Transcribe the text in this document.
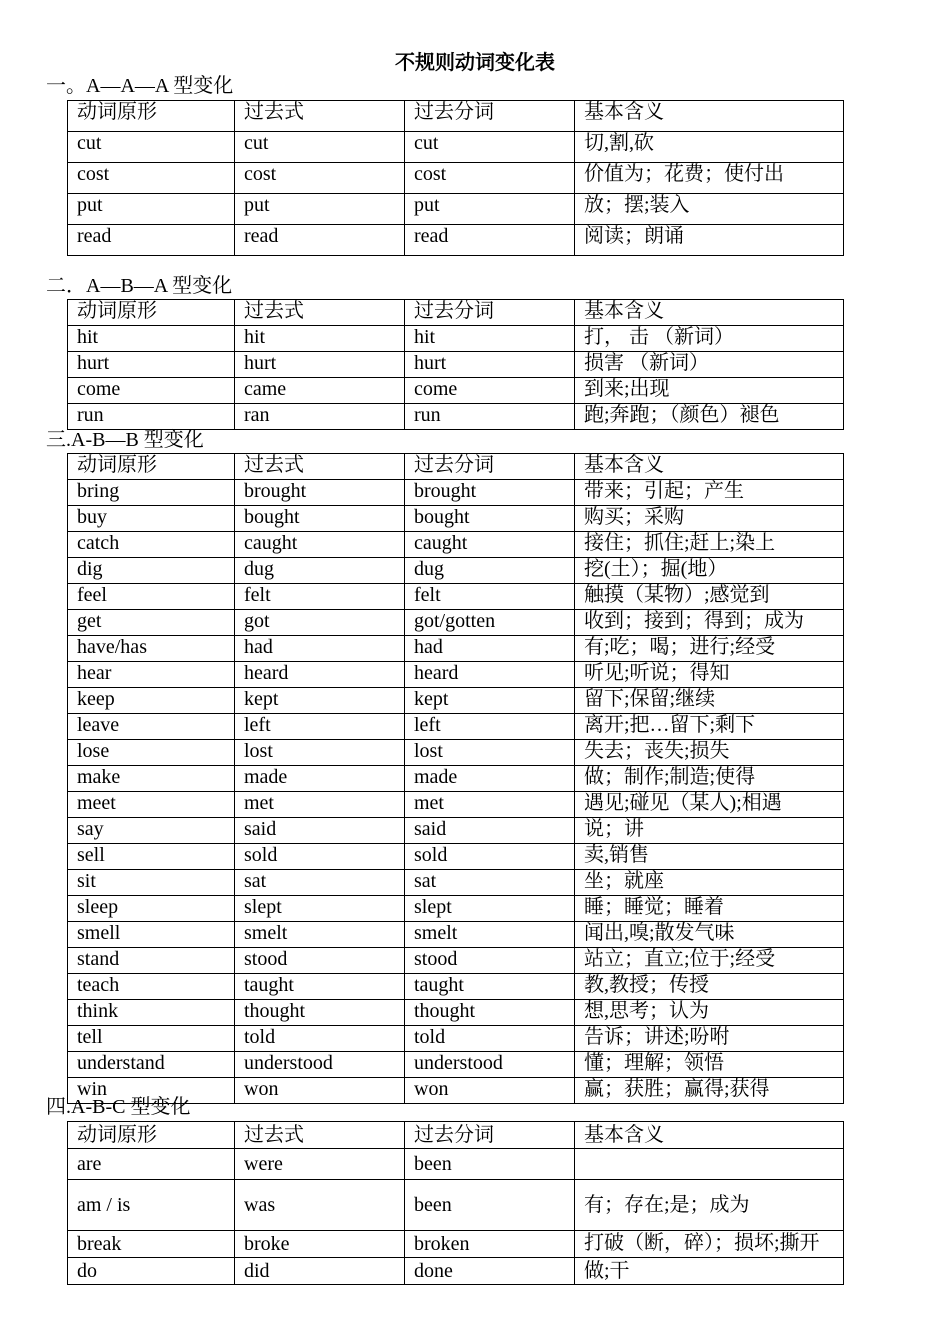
不规则动词变化表
一。A—A—A 型变化
动词原形	过去式	过去分词	基本含义
cut	cut	cut	切,割,砍
cost	cost	cost	价值为；花费；使付出
put	put	put	放；摆;装入
read	read	read	阅读；朗诵
二．A—B—A 型变化
动词原形	过去式	过去分词	基本含义
hit	hit	hit	打， 击 （新词）
hurt	hurt	hurt	损害 （新词）
come	came	come	到来;出现
run	ran	run	跑;奔跑；（颜色）褪色
三.A-B—B 型变化
动词原形	过去式	过去分词	基本含义
bring	brought	brought	带来；引起；产生
buy	bought	bought	购买；采购
catch	caught	caught	接住；抓住;赶上;染上
dig	dug	dug	挖(土）；掘(地）
feel	felt	felt	触摸（某物）;感觉到
get	got	got/gotten	收到；接到；得到；成为
have/has	had	had	有;吃；喝；进行;经受
hear	heard	heard	听见;听说；得知
keep	kept	kept	留下;保留;继续
leave	left	left	离开;把…留下;剩下
lose	lost	lost	失去；丧失;损失
make	made	made	做；制作;制造;使得
meet	met	met	遇见;碰见（某人);相遇
say	said	said	说；讲
sell	sold	sold	卖,销售
sit	sat	sat	坐；就座
sleep	slept	slept	睡；睡觉；睡着
smell	smelt	smelt	闻出,嗅;散发气味
stand	stood	stood	站立；直立;位于;经受
teach	taught	taught	教,教授；传授
think	thought	thought	想,思考；认为
tell	told	told	告诉；讲述;吩咐
understand	understood	understood	懂；理解；领悟
win	won	won	赢；获胜；赢得;获得
四.A-B-C 型变化
动词原形	过去式	过去分词	基本含义
are	were	been	
am / is	was	been	有；存在;是；成为
break	broke	broken	打破（断，碎）；损坏;撕开
do	did	done	做;干
